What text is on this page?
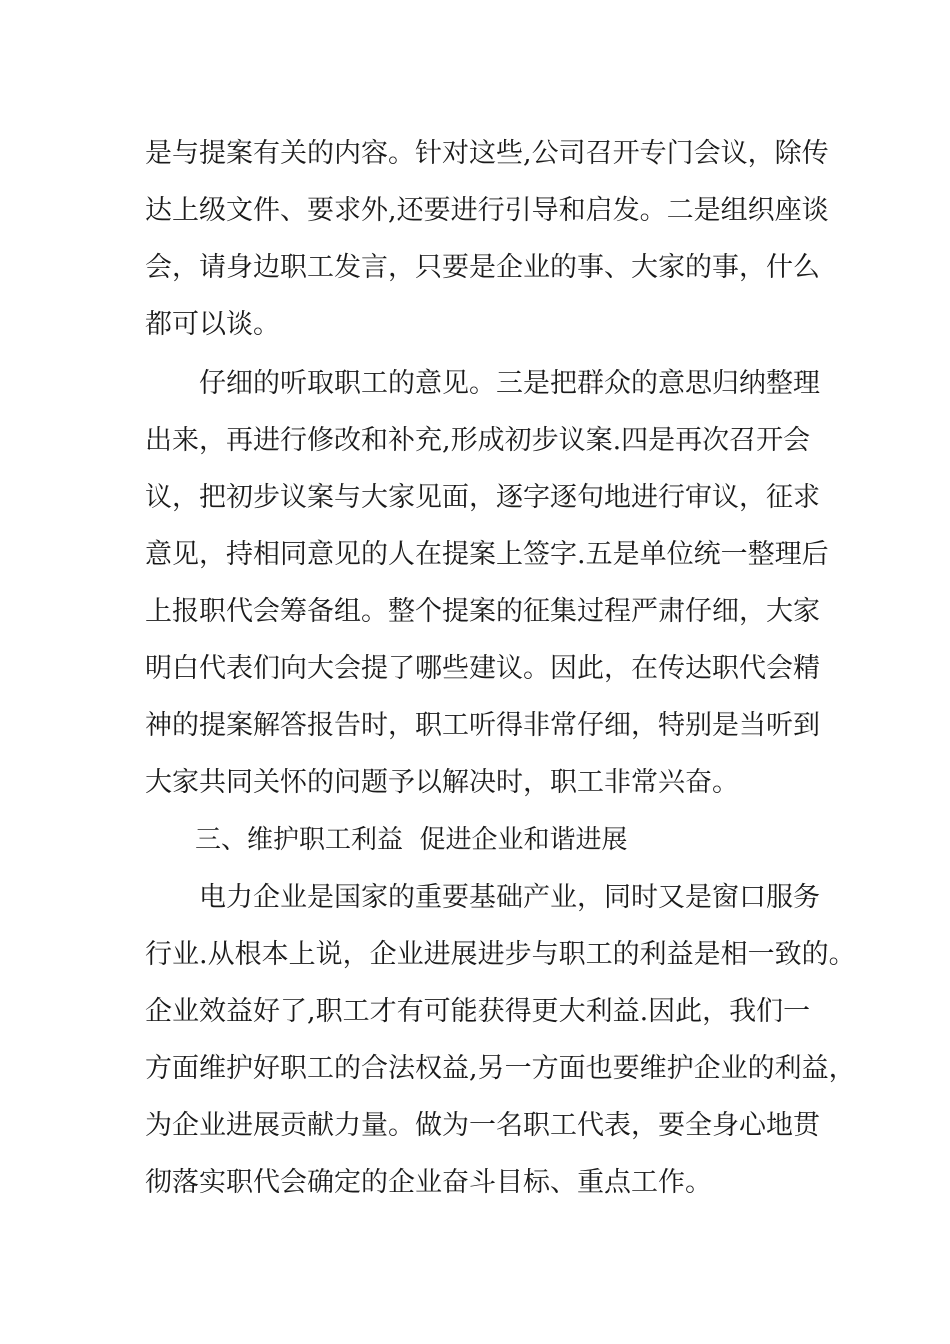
是与提案有关的内容。针对这些,公司召开专门会议，除传
达上级文件、要求外,还要进行引导和启发。二是组织座谈
会，请身边职工发言，只要是企业的事、大家的事，什么
都可以谈。
仔细的听取职工的意见。三是把群众的意思归纳整理
出来，再进行修改和补充,形成初步议案.四是再次召开会
议，把初步议案与大家见面，逐字逐句地进行审议，征求
意见，持相同意见的人在提案上签字.五是单位统一整理后
上报职代会筹备组。整个提案的征集过程严肃仔细，大家
明白代表们向大会提了哪些建议。因此，在传达职代会精
神的提案解答报告时，职工听得非常仔细，特别是当听到
大家共同关怀的问题予以解决时，职工非常兴奋。
三、维护职工利益  促进企业和谐进展
电力企业是国家的重要基础产业，同时又是窗口服务
行业.从根本上说，企业进展进步与职工的利益是相一致的。
企业效益好了,职工才有可能获得更大利益.因此，我们一
方面维护好职工的合法权益,另一方面也要维护企业的利益，
为企业进展贡献力量。做为一名职工代表，要全身心地贯
彻落实职代会确定的企业奋斗目标、重点工作。
